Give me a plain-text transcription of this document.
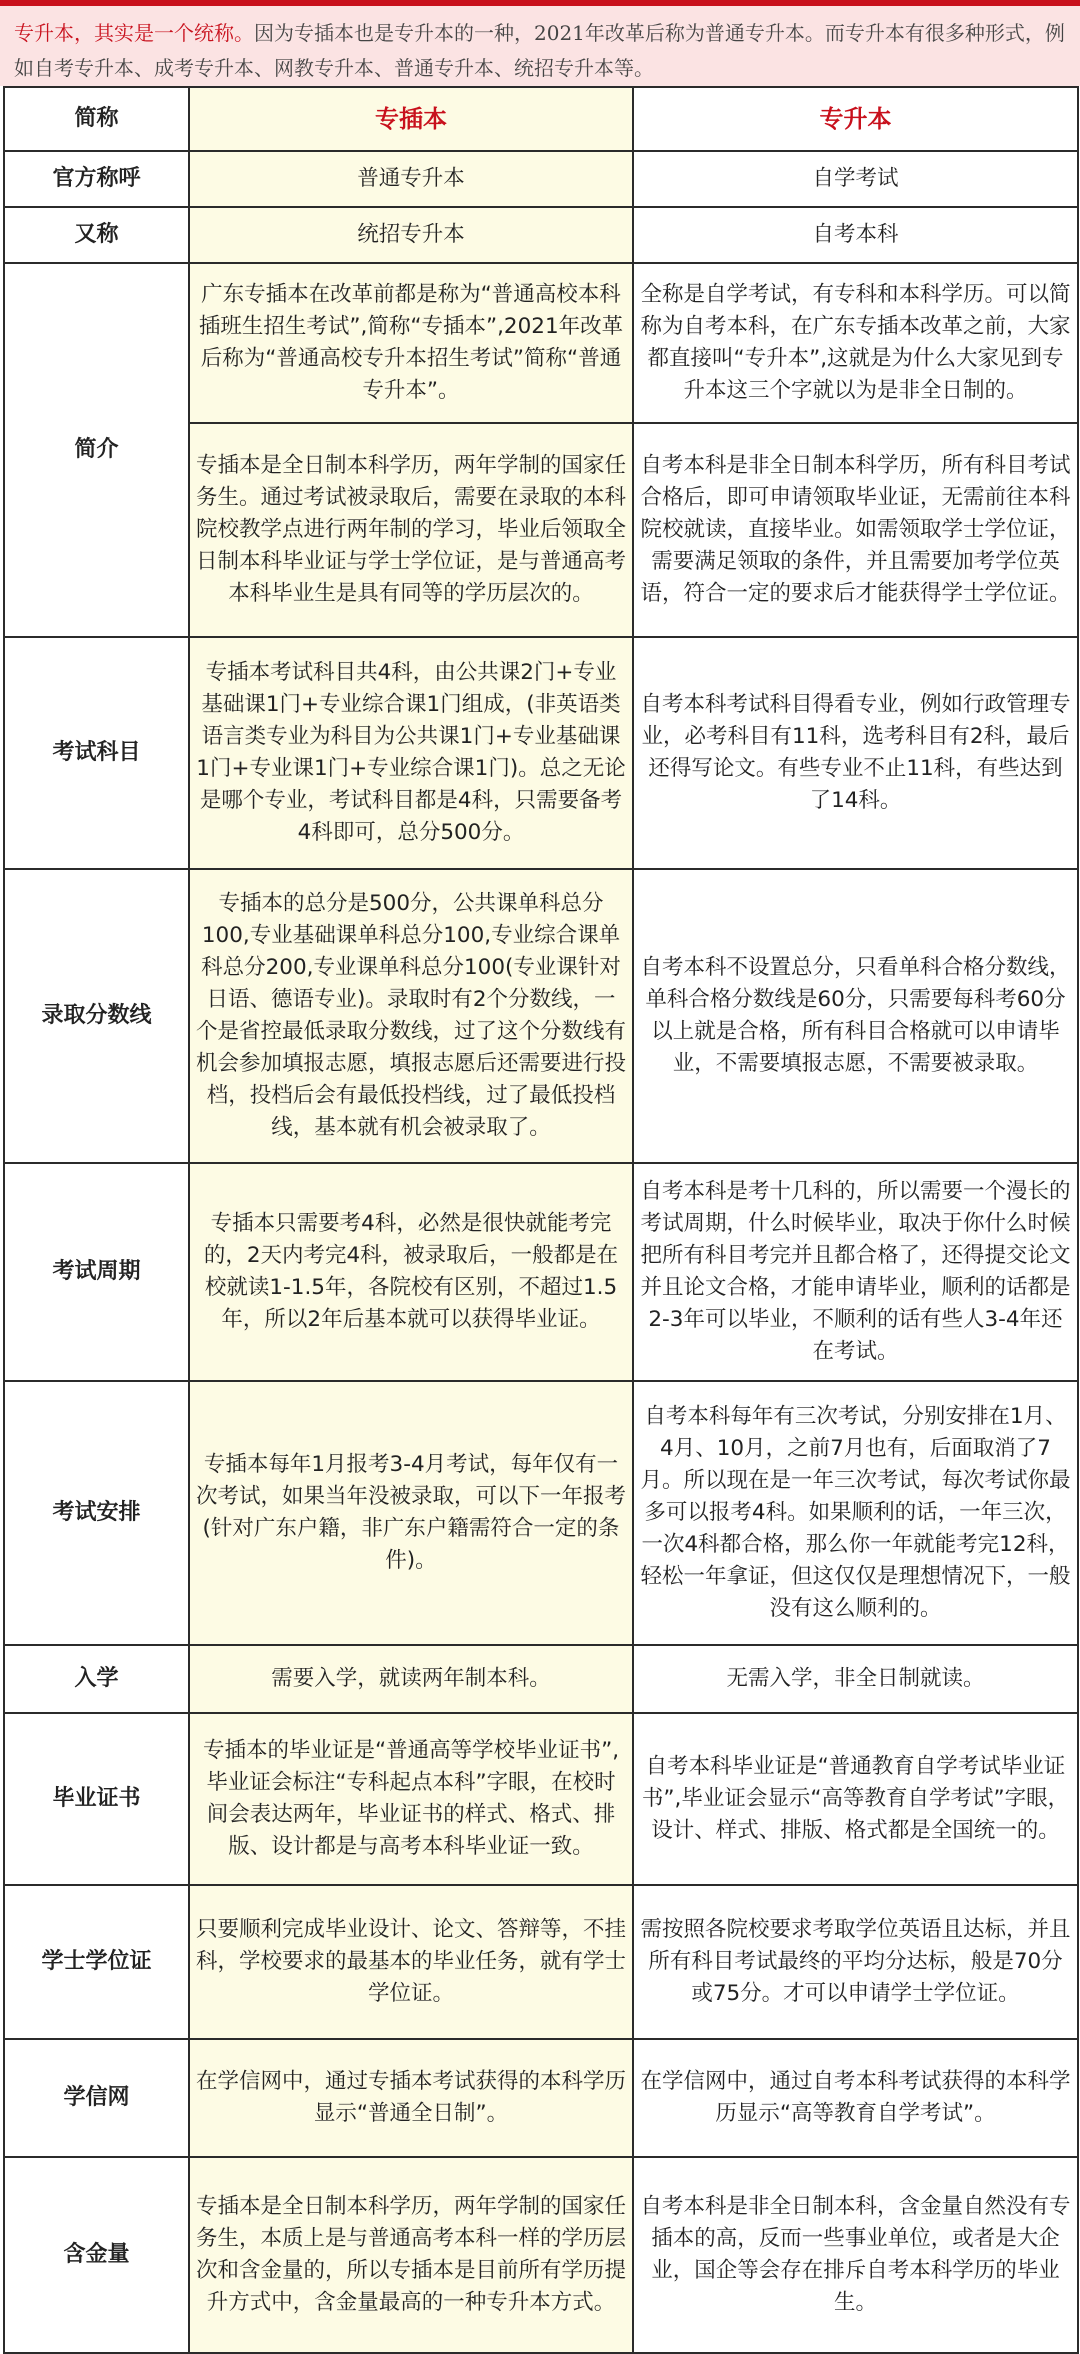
专升本，其实是一个统称。因为专插本也是专升本的一种，2021年改革后称为普通专升本。而专升本有很多种形式，例如自考专升本、成考专升本、网教专升本、普通专升本、统招专升本等。
简称	专插本	专升本
官方称呼	普通专升本	自学考试
又称	统招专升本	自考本科
简介	广东专插本在改革前都是称为“普通高校本科插班生招生考试”,简称“专插本”,2021年改革后称为“普通高校专升本招生考试”简称“普通专升本”。	全称是自学考试，有专科和本科学历。可以简称为自考本科，在广东专插本改革之前，大家都直接叫“专升本”,这就是为什么大家见到专升本这三个字就以为是非全日制的。
	专插本是全日制本科学历，两年学制的国家任务生。通过考试被录取后，需要在录取的本科院校教学点进行两年制的学习，毕业后领取全日制本科毕业证与学士学位证，是与普通高考本科毕业生是具有同等的学历层次的。	自考本科是非全日制本科学历，所有科目考试合格后，即可申请领取毕业证，无需前往本科院校就读，直接毕业。如需领取学士学位证，需要满足领取的条件，并且需要加考学位英语，符合一定的要求后才能获得学士学位证。
考试科目	专插本考试科目共4科，由公共课2门+专业基础课1门+专业综合课1门组成，(非英语类语言类专业为科目为公共课1门+专业基础课1门+专业课1门+专业综合课1门)。总之无论是哪个专业，考试科目都是4科，只需要备考4科即可，总分500分。	自考本科考试科目得看专业，例如行政管理专业，必考科目有11科，选考科目有2科，最后还得写论文。有些专业不止11科，有些达到了14科。
录取分数线	专插本的总分是500分，公共课单科总分100,专业基础课单科总分100,专业综合课单科总分200,专业课单科总分100(专业课针对日语、德语专业)。录取时有2个分数线，一个是省控最低录取分数线，过了这个分数线有机会参加填报志愿，填报志愿后还需要进行投档，投档后会有最低投档线，过了最低投档线，基本就有机会被录取了。	自考本科不设置总分，只看单科合格分数线，单科合格分数线是60分，只需要每科考60分以上就是合格，所有科目合格就可以申请毕业，不需要填报志愿，不需要被录取。
考试周期	专插本只需要考4科，必然是很快就能考完的，2天内考完4科，被录取后，一般都是在校就读1-1.5年，各院校有区别，不超过1.5年，所以2年后基本就可以获得毕业证。	自考本科是考十几科的，所以需要一个漫长的考试周期，什么时候毕业，取决于你什么时候把所有科目考完并且都合格了，还得提交论文并且论文合格，才能申请毕业，顺利的话都是2-3年可以毕业，不顺利的话有些人3-4年还在考试。
考试安排	专插本每年1月报考3-4月考试，每年仅有一次考试，如果当年没被录取，可以下一年报考(针对广东户籍，非广东户籍需符合一定的条件)。	自考本科每年有三次考试，分别安排在1月、4月、10月，之前7月也有，后面取消了7月。所以现在是一年三次考试，每次考试你最多可以报考4科。如果顺利的话，一年三次，一次4科都合格，那么你一年就能考完12科，轻松一年拿证，但这仅仅是理想情况下，一般没有这么顺利的。
入学	需要入学，就读两年制本科。	无需入学，非全日制就读。
毕业证书	专插本的毕业证是“普通高等学校毕业证书”,毕业证会标注“专科起点本科”字眼，在校时间会表达两年，毕业证书的样式、格式、排版、设计都是与高考本科毕业证一致。	自考本科毕业证是“普通教育自学考试毕业证书”,毕业证会显示“高等教育自学考试”字眼，设计、样式、排版、格式都是全国统一的。
学士学位证	只要顺利完成毕业设计、论文、答辩等，不挂科，学校要求的最基本的毕业任务，就有学士学位证。	需按照各院校要求考取学位英语且达标，并且所有科目考试最终的平均分达标，般是70分或75分。才可以申请学士学位证。
学信网	在学信网中，通过专插本考试获得的本科学历显示“普通全日制”。	在学信网中，通过自考本科考试获得的本科学历显示“高等教育自学考试”。
含金量	专插本是全日制本科学历，两年学制的国家任务生，本质上是与普通高考本科一样的学历层次和含金量的，所以专插本是目前所有学历提升方式中，含金量最高的一种专升本方式。	自考本科是非全日制本科，含金量自然没有专插本的高，反而一些事业单位，或者是大企业，国企等会存在排斥自考本科学历的毕业生。
